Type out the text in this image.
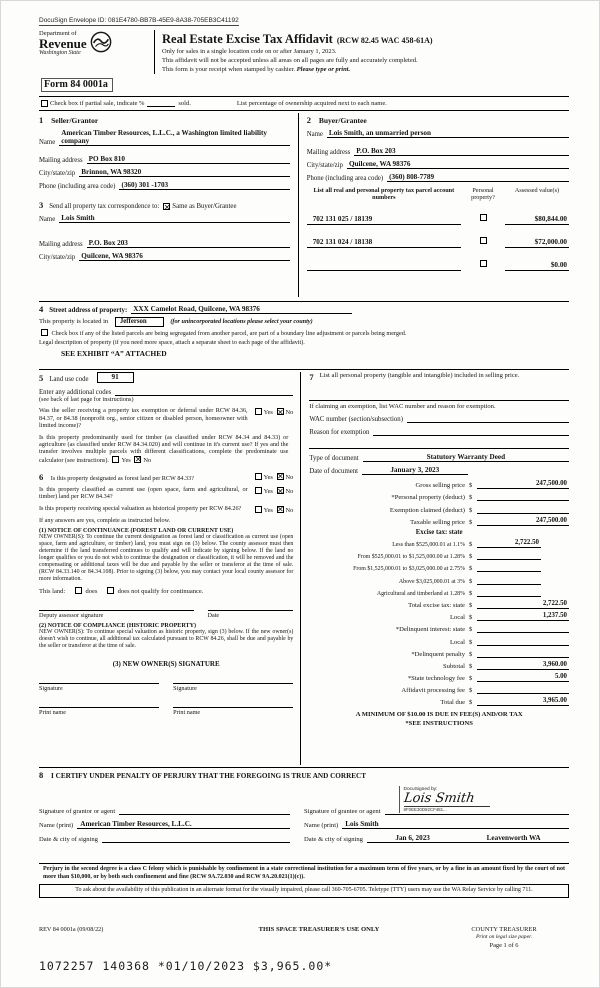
DocuSign Envelope ID: 081E4780-BB7B-45E9-8A38-705EB3C41192
Department of
Revenue
Washington State
Real Estate Excise Tax Affidavit (RCW 82.45 WAC 458-61A)
Only for sales in a single location code on or after January 1, 2023.
This affidavit will not be accepted unless all areas on all pages are fully and accurately completed.
This form is your receipt when stamped by cashier. Please type or print.
Form 84 0001a
Check box if partial sale, indicate %	sold.	List percentage of ownership acquired next to each name.
1 Seller/Grantor
Name
American Timber Resources, L.L.C., a Washington limited liability company
Mailing address PO Box 810
City/state/zip Brinnon, WA 98320
Phone (including area code) (360) 301 -1703
3 Send all property tax correspondence to: ✕ Same as Buyer/Grantee
Name Lois Smith
Mailing address P.O. Box 203
City/state/zip Quilcene, WA 98376
2 Buyer/Grantee
Name Lois Smith, an unmarried person
Mailing address P.O. Box 203
City/state/zip Quilcene, WA 98376
Phone (including area code) (360) 808-7789
List all real and personal property tax parcel account numbers
Personal property?
Assessed value(s)
702 131 025 / 18139	$80,844.00
702 131 024 / 18138	$72,000.00
$0.00
4 Street address of property: XXX Camelot Road, Quilcene, WA 98376
This property is located in Jefferson	(for unincorporated locations please select your county)
Check box if any of the listed parcels are being segregated from another parcel, are part of a boundary line adjustment or parcels being merged.
Legal description of property (if you need more space, attach a separate sheet to each page of the affidavit).
SEE EXHIBIT “A” ATTACHED
5 Land use code	91
Enter any additional codes
(see back of last page for instructions)
Was the seller receiving a property tax exemption or deferral under RCW 84.36, 84.37, or 84.38 (nonprofit org., senior citizen or disabled person, homeowner with limited income)?
Yes ✕ No
Is this property predominantly used for timber (as classified under RCW 84.34 and 84.33) or agriculture (as classified under RCW 84.34.020) and will continue in it's current use? If yes and the transfer involves multiple parcels with different classifications, complete the predominate use calculator (see instructions). Yes ✕ No
6 Is this property designated as forest land per RCW 84.33?	Yes ✕ No
Is this property classified as current use (open space, farm and agricultural, or timber) land per RCW 84.34?
Yes ✕ No
Is this property receiving special valuation as historical property per RCW 84.26?	Yes ✕ No
If any answers are yes, complete as instructed below.
(1) NOTICE OF CONTINUANCE (FOREST LAND OR CURRENT USE)
NEW OWNER(S): To continue the current designation as forest land or classification as current use (open space, farm and agriculture, or timber) land, you must sign on (3) below. The county assessor must then determine if the land transferred continues to qualify and will indicate by signing below. If the land no longer qualifies or you do not wish to continue the designation or classification, it will be removed and the compensating or additional taxes will be due and payable by the seller or transferor at the time of sale. (RCW 84.33.140 or 84.34.108). Prior to signing (3) below, you may contact your local county assessor for more information.
This land:	does	does not qualify for continuance.
Deputy assessor signature	Date
(2) NOTICE OF COMPLIANCE (HISTORIC PROPERTY)
NEW OWNER(S): To continue special valuation as historic property, sign (3) below. If the new owner(s) doesn't wish to continue, all additional tax calculated pursuant to RCW 84.26, shall be due and payable by the seller or transferor at the time of sale.
(3) NEW OWNER(S) SIGNATURE
Signature	Signature
Print name	Print name
7 List all personal property (tangible and intangible) included in selling price.
If claiming an exemption, list WAC number and reason for exemption.
WAC number (section/subsection)
Reason for exemption
Type of document	Statutory Warranty Deed
Date of document	January 3, 2023
Gross selling price $	247,500.00
*Personal property (deduct) $
Exemption claimed (deduct) $
Taxable selling price $	247,500.00
Excise tax: state
Less than $525,000.01 at 1.1% $	2,722.50
From $525,000.01 to $1,525,000.00 at 1.28% $
From $1,525,000.01 to $3,025,000.00 at 2.75% $
Above $3,025,000.01 at 3% $
Agricultural and timberland at 1.28% $
Total excise tax: state $	2,722.50
Local $	1,237.50
*Delinquent interest: state $
Local $
*Delinquent penalty $
Subtotal $	3,960.00
*State technology fee $	5.00
Affidavit processing fee $
Total due $	3,965.00
A MINIMUM OF $10.00 IS DUE IN FEE(S) AND/OR TAX
*SEE INSTRUCTIONS
8 I CERTIFY UNDER PENALTY OF PERJURY THAT THE FOREGOING IS TRUE AND CORRECT
Signature of grantor or agent
Name (print) American Timber Resources, L.L.C.
Date & city of signing
Signature of grantee or agent
DocuSigned by:
Lois Smith
8F0EE30D92CF481...
Name (print) Lois Smith
Date & city of signing	Jan 6, 2023	Leavenworth WA
Perjury in the second degree is a class C felony which is punishable by confinement in a state correctional institution for a maximum term of five years, or by a fine in an amount fixed by the court of not more than $10,000, or by both such confinement and fine (RCW 9A.72.030 and RCW 9A.20.021(1)(c)).
To ask about the availability of this publication in an alternate format for the visually impaired, please call 360-705-6705. Teletype (TTY) users may use the WA Relay Service by calling 711.
REV 84 0001a (09/08/22)	THIS SPACE TREASURER'S USE ONLY	COUNTY TREASURER
Print on legal size paper.
Page 1 of 6
1072257 140368 *01/10/2023 $3,965.00*
